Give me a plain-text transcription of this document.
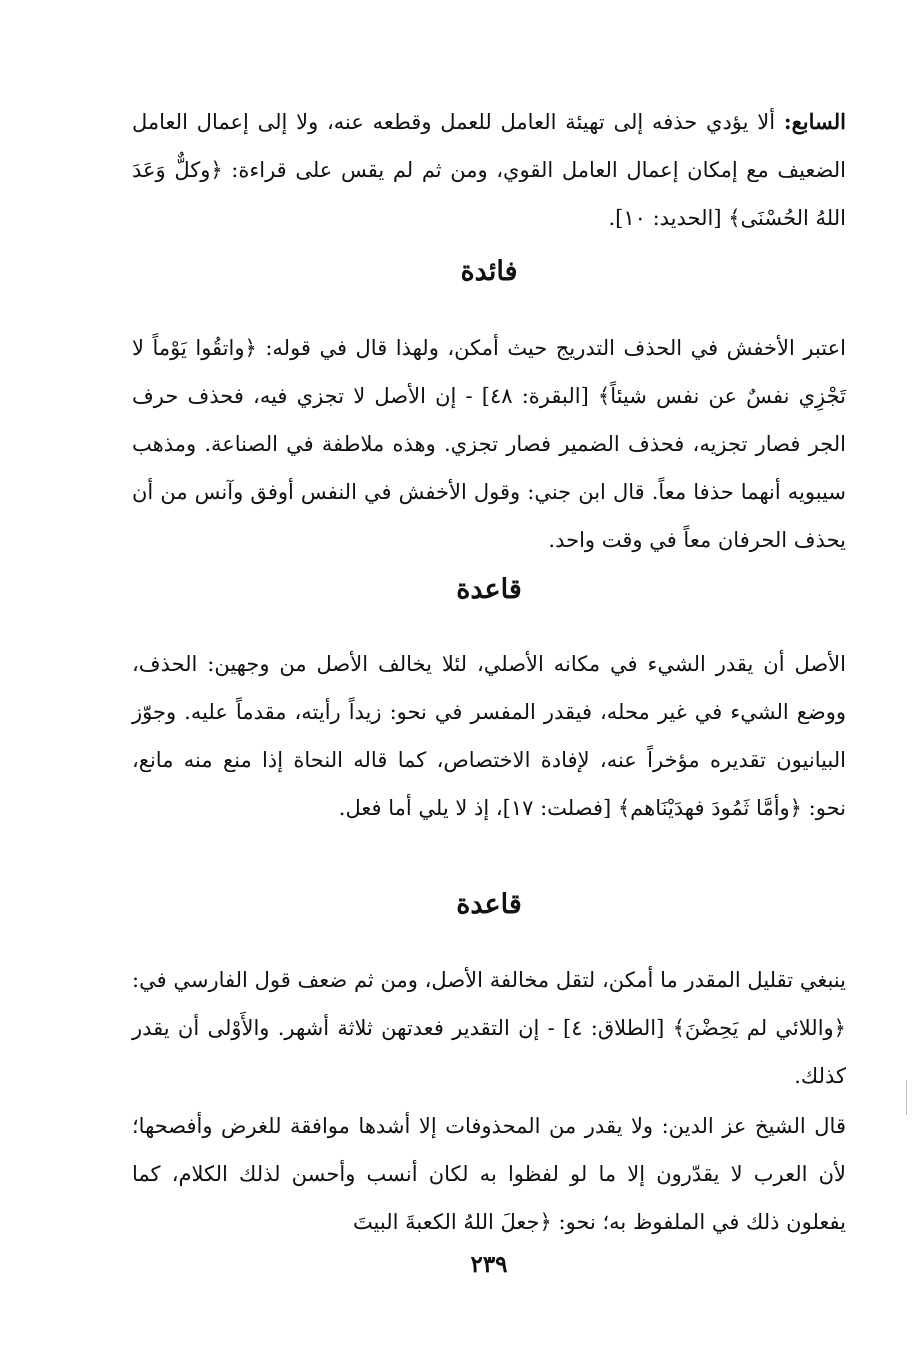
السابع: ألا يؤدي حذفه إلى تهيئة العامل للعمل وقطعه عنه، ولا إلى إعمال العامل الضعيف مع إمكان إعمال العامل القوي، ومن ثم لم يقس على قراءة: ﴿وكلٌّ وَعَدَ اللهُ الحُسْنَى﴾ [الحديد: ١٠].
فائدة
اعتبر الأخفش في الحذف التدريج حيث أمكن، ولهذا قال في قوله: ﴿واتقُوا يَوْماً لا تَجْزِي نفسٌ عن نفس شيئاً﴾ [البقرة: ٤٨] - إن الأصل لا تجزي فيه، فحذف حرف الجر فصار تجزيه، فحذف الضمير فصار تجزي. وهذه ملاطفة في الصناعة. ومذهب سيبويه أنهما حذفا معاً. قال ابن جني: وقول الأخفش في النفس أوفق وآنس من أن يحذف الحرفان معاً في وقت واحد.
قاعدة
الأصل أن يقدر الشيء في مكانه الأصلي، لئلا يخالف الأصل من وجهين: الحذف، ووضع الشيء في غير محله، فيقدر المفسر في نحو: زيداً رأيته، مقدماً عليه. وجوّز البيانيون تقديره مؤخراً عنه، لإفادة الاختصاص، كما قاله النحاة إذا منع منه مانع، نحو: ﴿وأمَّا ثَمُودَ فهدَيْنَاهم﴾ [فصلت: ١٧]، إذ لا يلي أما فعل.
قاعدة
ينبغي تقليل المقدر ما أمكن، لتقل مخالفة الأصل، ومن ثم ضعف قول الفارسي في: ﴿واللائي لم يَحِضْنَ﴾ [الطلاق: ٤] - إن التقدير فعدتهن ثلاثة أشهر. والأَوْلى أن يقدر كذلك.
قال الشيخ عز الدين: ولا يقدر من المحذوفات إلا أشدها موافقة للغرض وأفصحها؛ لأن العرب لا يقدّرون إلا ما لو لفظوا به لكان أنسب وأحسن لذلك الكلام، كما يفعلون ذلك في الملفوظ به؛ نحو: ﴿جعلَ اللهُ الكعبةَ البيتَ
٢٣٩
